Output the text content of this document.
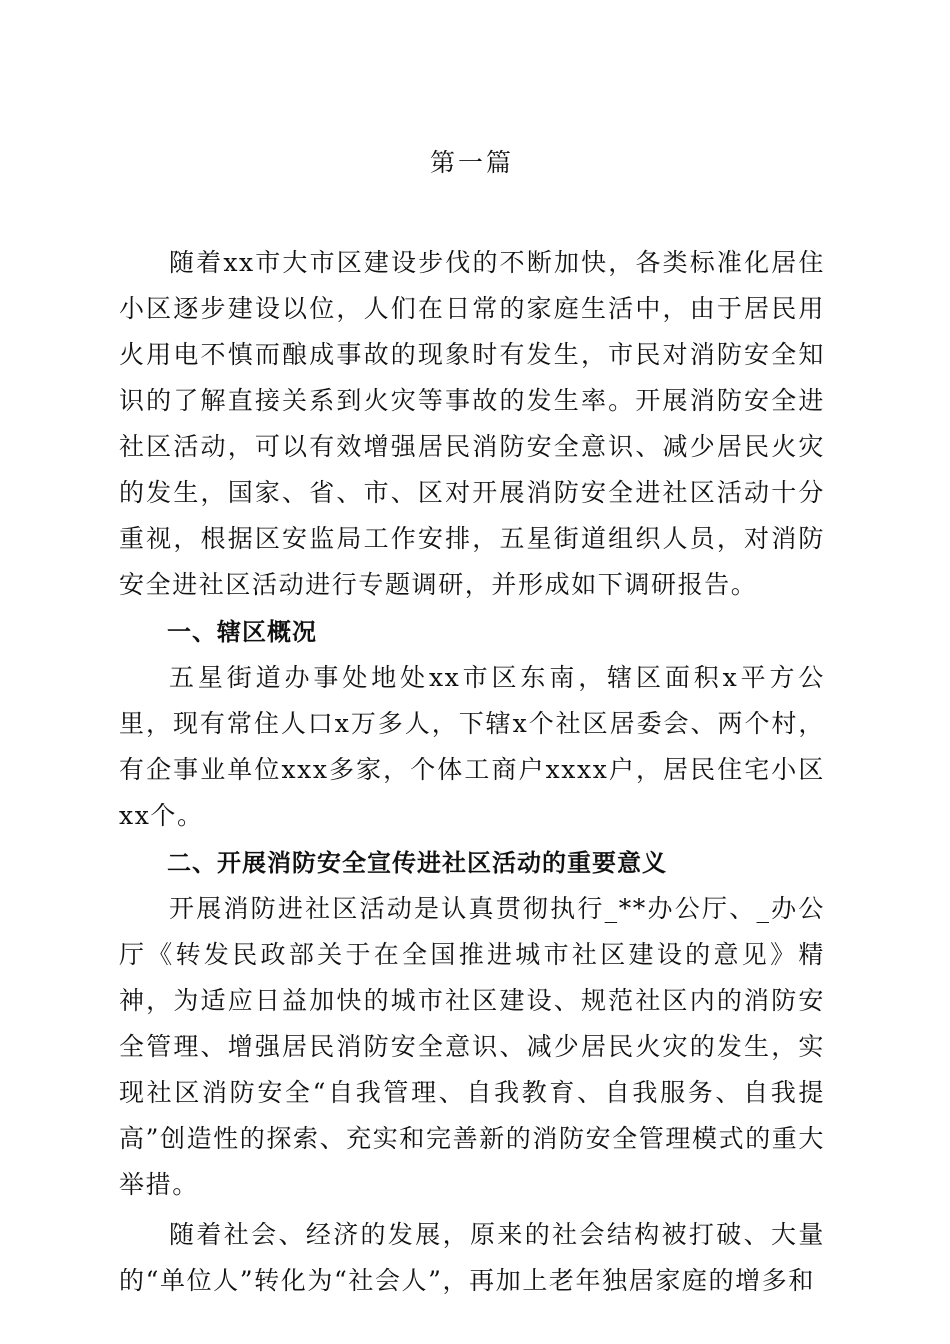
第一篇

随着xx市大市区建设步伐的不断加快，各类标准化居住小区逐步建设以位，人们在日常的家庭生活中，由于居民用火用电不慎而酿成事故的现象时有发生，市民对消防安全知识的了解直接关系到火灾等事故的发生率。开展消防安全进社区活动，可以有效增强居民消防安全意识、减少居民火灾的发生，国家、省、市、区对开展消防安全进社区活动十分重视，根据区安监局工作安排，五星街道组织人员，对消防安全进社区活动进行专题调研，并形成如下调研报告。

一、辖区概况

五星街道办事处地处xx市区东南，辖区面积x平方公里，现有常住人口x万多人，下辖x个社区居委会、两个村，有企事业单位xxx多家，个体工商户xxxx户，居民住宅小区xx个。

二、开展消防安全宣传进社区活动的重要意义

开展消防进社区活动是认真贯彻执行_**办公厅、_办公厅《转发民政部关于在全国推进城市社区建设的意见》精神，为适应日益加快的城市社区建设、规范社区内的消防安全管理、增强居民消防安全意识、减少居民火灾的发生，实现社区消防安全“自我管理、自我教育、自我服务、自我提高”创造性的探索、充实和完善新的消防安全管理模式的重大举措。

随着社会、经济的发展，原来的社会结构被打破、大量的“单位人”转化为“社会人”，再加上老年独居家庭的增多和
